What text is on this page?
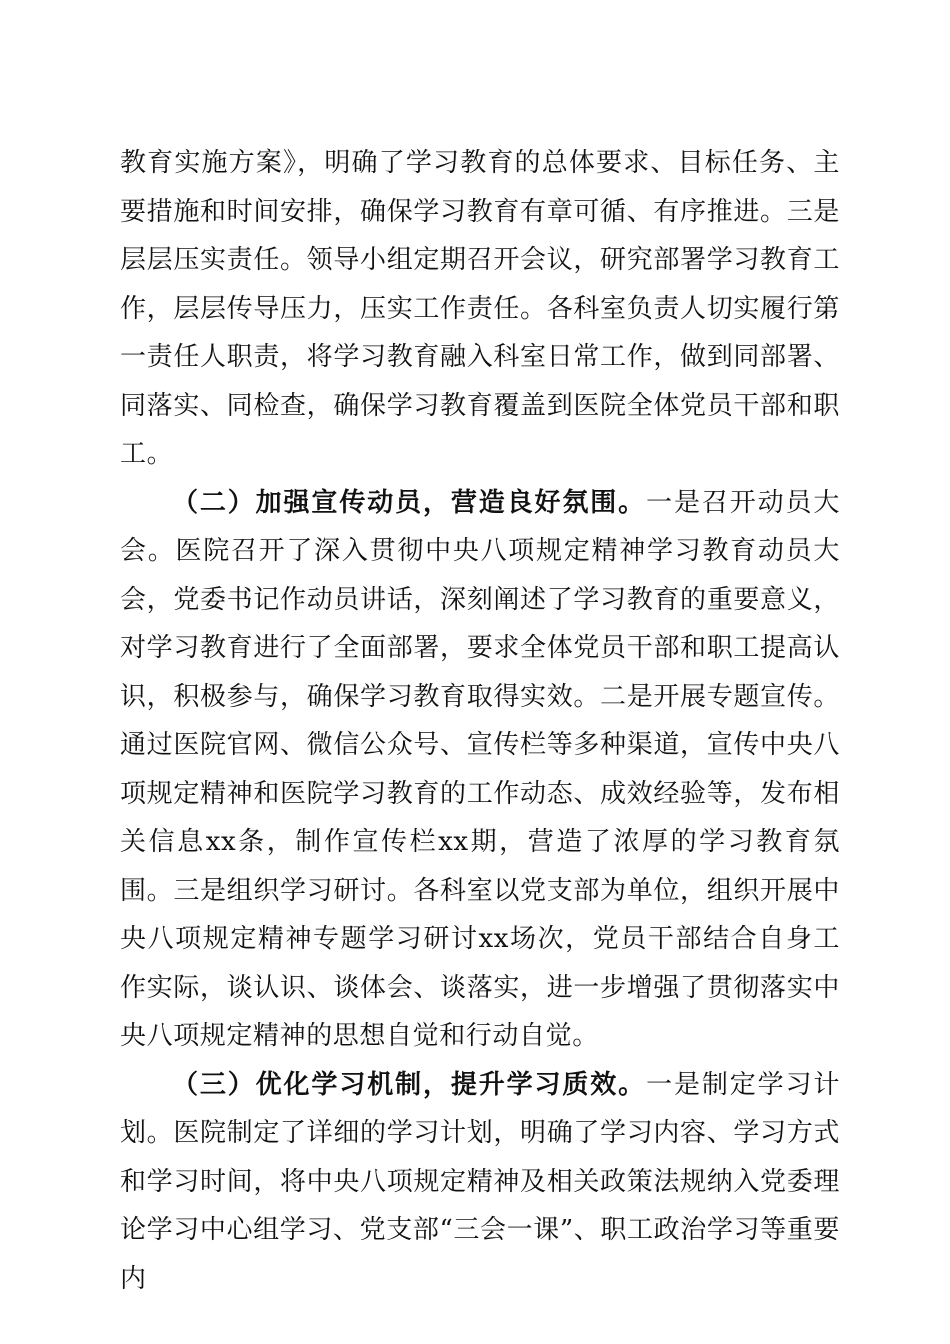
教育实施方案》，明确了学习教育的总体要求、目标任务、主要措施和时间安排，确保学习教育有章可循、有序推进。三是层层压实责任。领导小组定期召开会议，研究部署学习教育工作，层层传导压力，压实工作责任。各科室负责人切实履行第一责任人职责，将学习教育融入科室日常工作，做到同部署、同落实、同检查，确保学习教育覆盖到医院全体党员干部和职工。

（二）加强宣传动员，营造良好氛围。一是召开动员大会。医院召开了深入贯彻中央八项规定精神学习教育动员大会，党委书记作动员讲话，深刻阐述了学习教育的重要意义，对学习教育进行了全面部署，要求全体党员干部和职工提高认识，积极参与，确保学习教育取得实效。二是开展专题宣传。通过医院官网、微信公众号、宣传栏等多种渠道，宣传中央八项规定精神和医院学习教育的工作动态、成效经验等，发布相关信息xx条，制作宣传栏xx期，营造了浓厚的学习教育氛围。三是组织学习研讨。各科室以党支部为单位，组织开展中央八项规定精神专题学习研讨xx场次，党员干部结合自身工作实际，谈认识、谈体会、谈落实，进一步增强了贯彻落实中央八项规定精神的思想自觉和行动自觉。

（三）优化学习机制，提升学习质效。一是制定学习计划。医院制定了详细的学习计划，明确了学习内容、学习方式和学习时间，将中央八项规定精神及相关政策法规纳入党委理论学习中心组学习、党支部“三会一课”、职工政治学习等重要内
